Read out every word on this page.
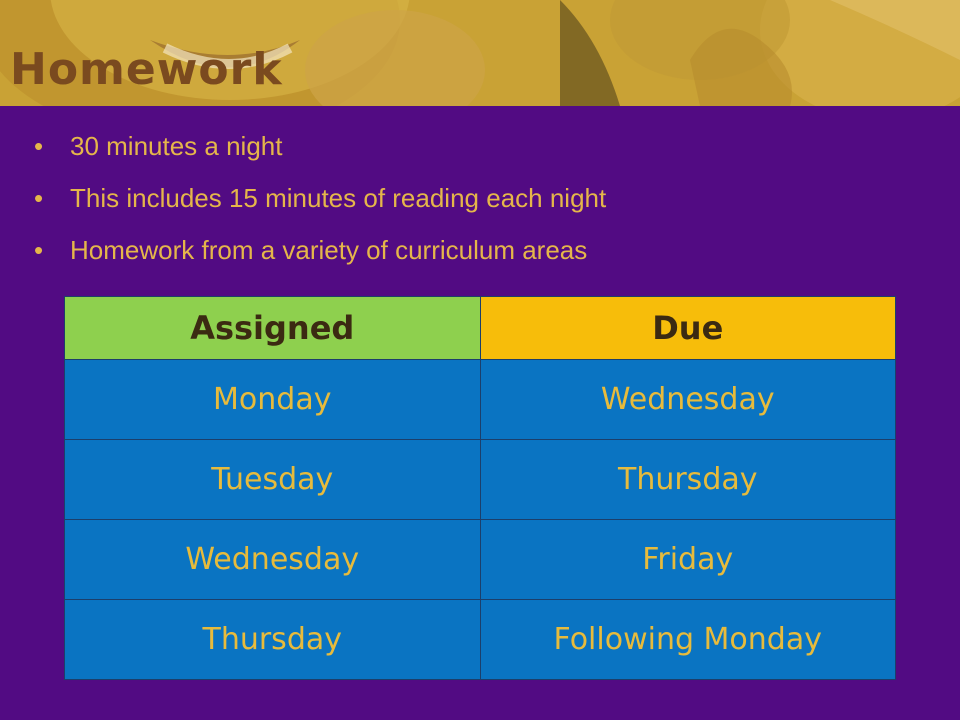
Homework
• 30 minutes a night
• This includes 15 minutes of reading each night
• Homework from a variety of curriculum areas
Assigned	Due
Monday	Wednesday
Tuesday	Thursday
Wednesday	Friday
Thursday	Following Monday
